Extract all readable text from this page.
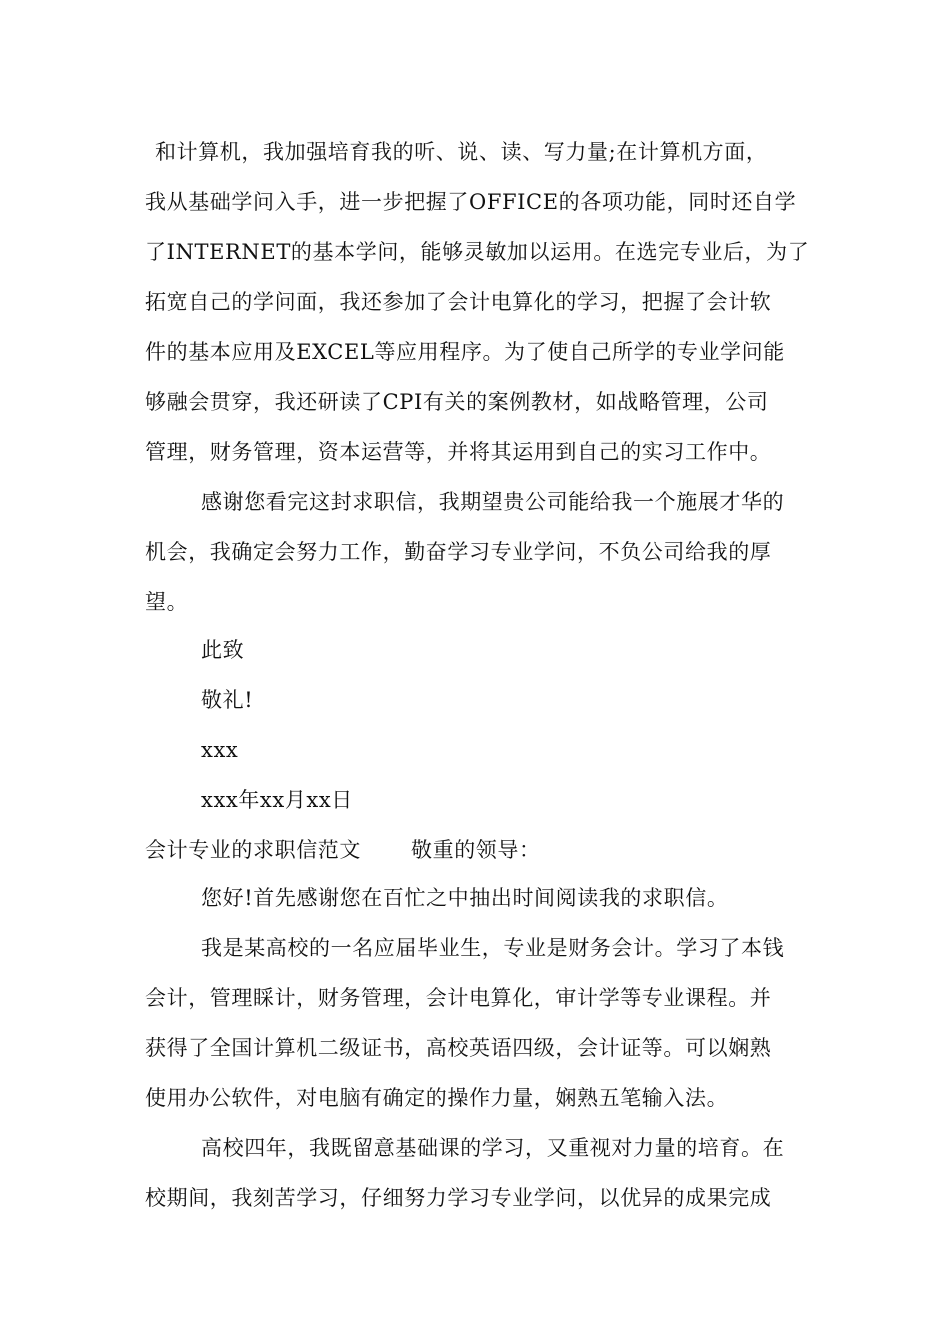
和计算机，我加强培育我的听、说、读、写力量;在计算机方面，
我从基础学问入手，进一步把握了OFFICE的各项功能，同时还自学
了INTERNET的基本学问，能够灵敏加以运用。在选完专业后，为了
拓宽自己的学问面，我还参加了会计电算化的学习，把握了会计软
件的基本应用及EXCEL等应用程序。为了使自己所学的专业学问能
够融会贯穿，我还研读了CPI有关的案例教材，如战略管理，公司
管理，财务管理，资本运营等，并将其运用到自己的实习工作中。
感谢您看完这封求职信，我期望贵公司能给我一个施展才华的
机会，我确定会努力工作，勤奋学习专业学问，不负公司给我的厚
望。
此致
敬礼!
xxx
xxx年xx月xx日
会计专业的求职信范文 敬重的领导：
您好!首先感谢您在百忙之中抽出时间阅读我的求职信。
我是某高校的一名应届毕业生，专业是财务会计。学习了本钱
会计，管理睬计，财务管理，会计电算化，审计学等专业课程。并
获得了全国计算机二级证书，高校英语四级，会计证等。可以娴熟
使用办公软件，对电脑有确定的操作力量，娴熟五笔输入法。
高校四年，我既留意基础课的学习，又重视对力量的培育。在
校期间，我刻苦学习，仔细努力学习专业学问，以优异的成果完成
